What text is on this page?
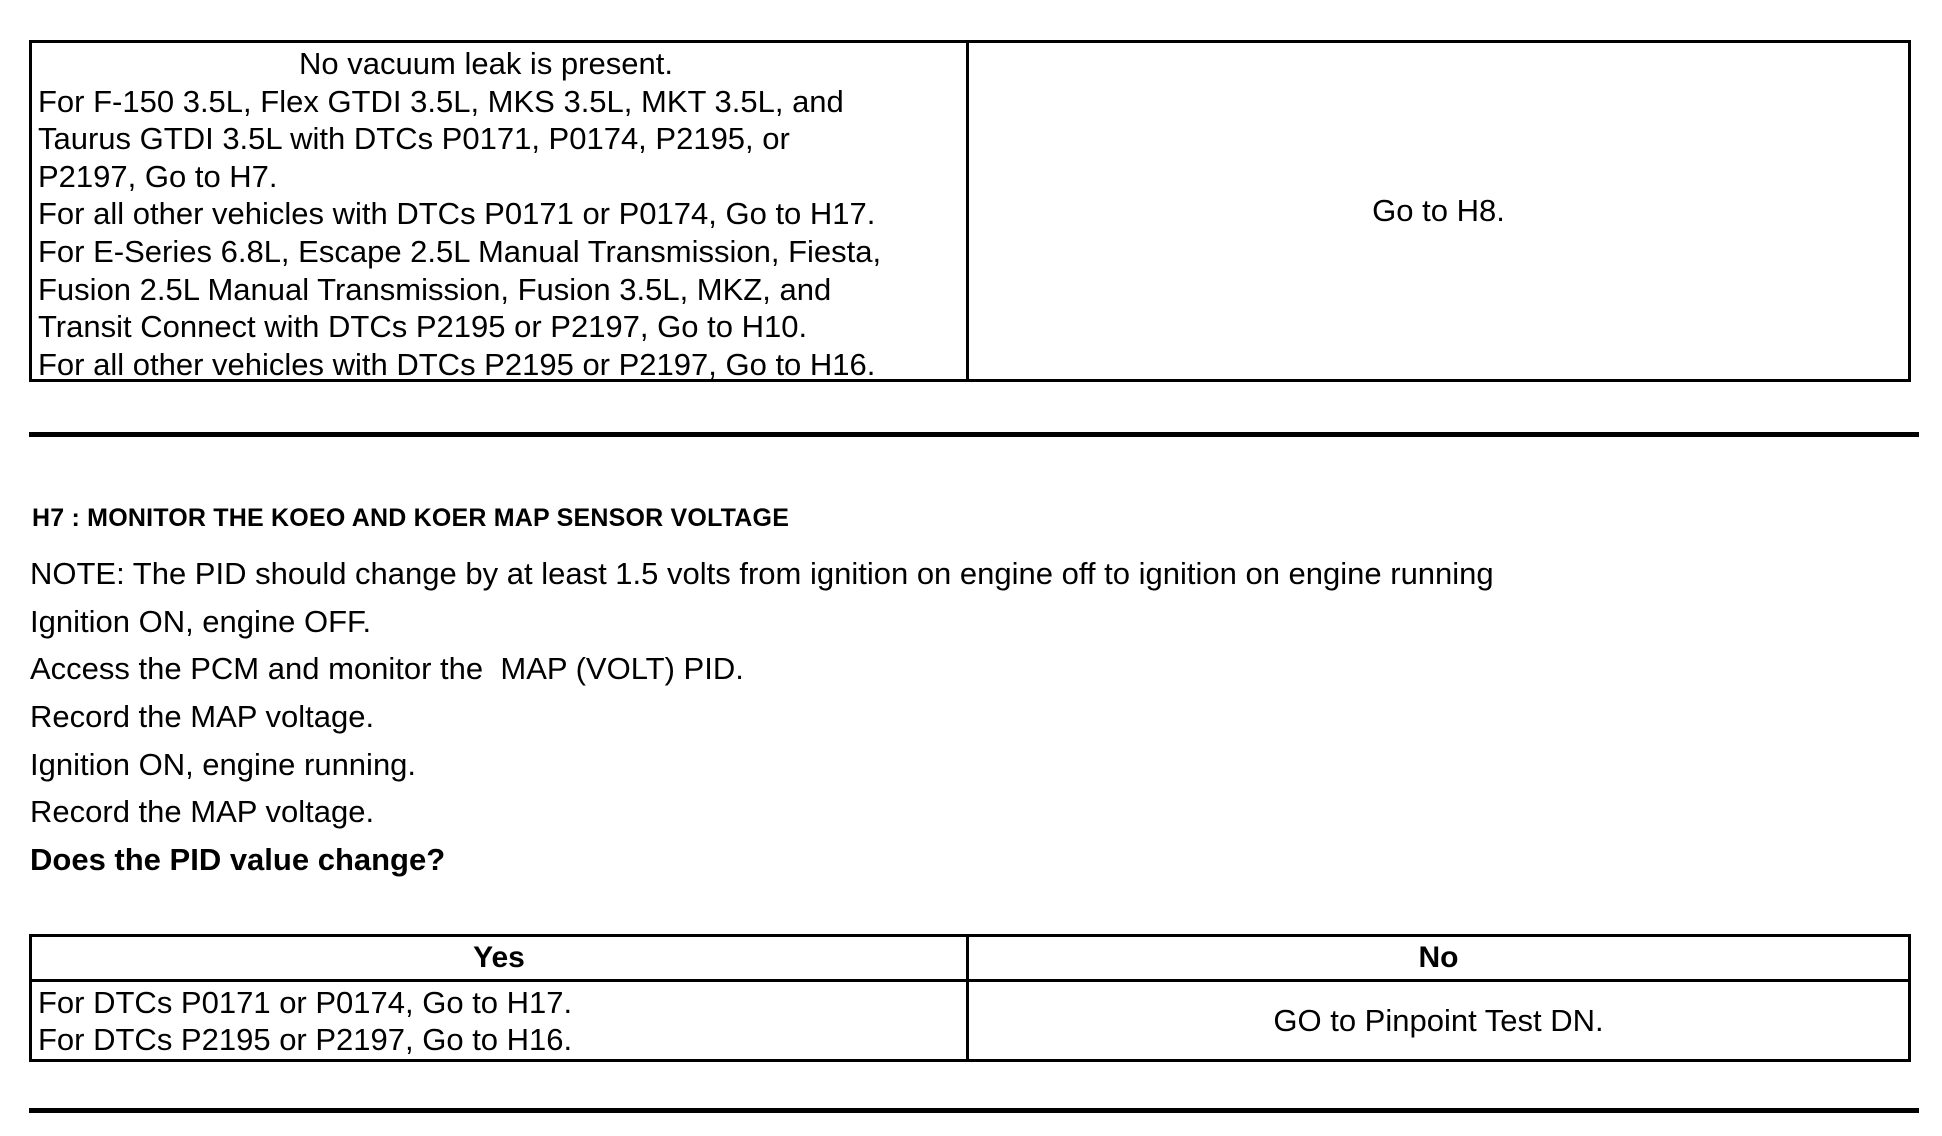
No vacuum leak is present.
For F-150 3.5L, Flex GTDI 3.5L, MKS 3.5L, MKT 3.5L, and
Taurus GTDI 3.5L with DTCs P0171, P0174, P2195, or
P2197, Go to H7.
For all other vehicles with DTCs P0171 or P0174, Go to H17.
For E-Series 6.8L, Escape 2.5L Manual Transmission, Fiesta,
Fusion 2.5L Manual Transmission, Fusion 3.5L, MKZ, and
Transit Connect with DTCs P2195 or P2197, Go to H10.
For all other vehicles with DTCs P2195 or P2197, Go to H16.
Go to H8.
H7 : MONITOR THE KOEO AND KOER MAP SENSOR VOLTAGE
NOTE: The PID should change by at least 1.5 volts from ignition on engine off to ignition on engine running
Ignition ON, engine OFF.
Access the PCM and monitor the  MAP (VOLT) PID.
Record the MAP voltage.
Ignition ON, engine running.
Record the MAP voltage.
Does the PID value change?
Yes	No
For DTCs P0171 or P0174, Go to H17.
For DTCs P2195 or P2197, Go to H16.
GO to Pinpoint Test DN.
